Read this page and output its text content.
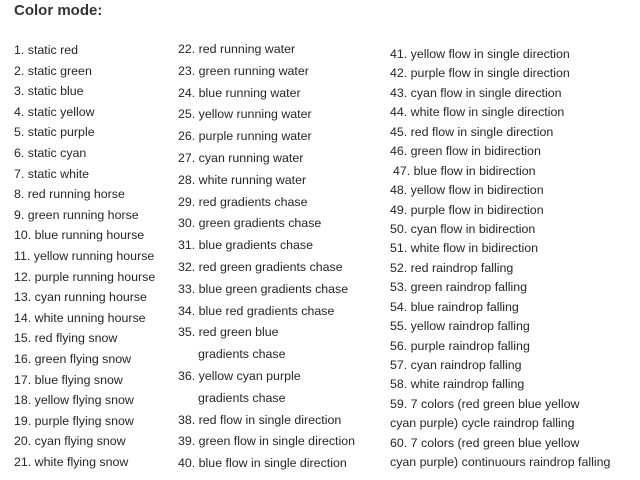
Color mode:
1. static red
2. static green
3. static blue
4. static yellow
5. static purple
6. static cyan
7. static white
8. red running horse
9. green running horse
10. blue running hourse
11. yellow running hourse
12. purple running hourse
13. cyan running hourse
14. white unning hourse
15. red flying snow
16. green flying snow
17. blue flying snow
18. yellow flying snow
19. purple flying snow
20. cyan flying snow
21. white flying snow
22. red running water
23. green running water
24. blue running water
25. yellow running water
26. purple running water
27. cyan running water
28. white running water
29. red gradients chase
30. green gradients chase
31. blue gradients chase
32. red green gradients chase
33. blue green gradients chase
34. blue red gradients chase
35. red green blue
gradients chase
36. yellow cyan purple
gradients chase
38. red flow in single direction
39. green flow in single direction
40. blue flow in single direction
41. yellow flow in single direction
42. purple flow in single direction
43. cyan flow in single direction
44. white flow in single direction
45. red flow in single direction
46. green flow in bidirection
47. blue flow in bidirection
48. yellow flow in bidirection
49. purple flow in bidirection
50. cyan flow in bidirection
51. white flow in bidirection
52. red raindrop falling
53. green raindrop falling
54. blue raindrop falling
55. yellow raindrop falling
56. purple raindrop falling
57. cyan raindrop falling
58. white raindrop falling
59. 7 colors (red green blue yellow
cyan purple) cycle raindrop falling
60. 7 colors (red green blue yellow
cyan purple) continuours raindrop falling
